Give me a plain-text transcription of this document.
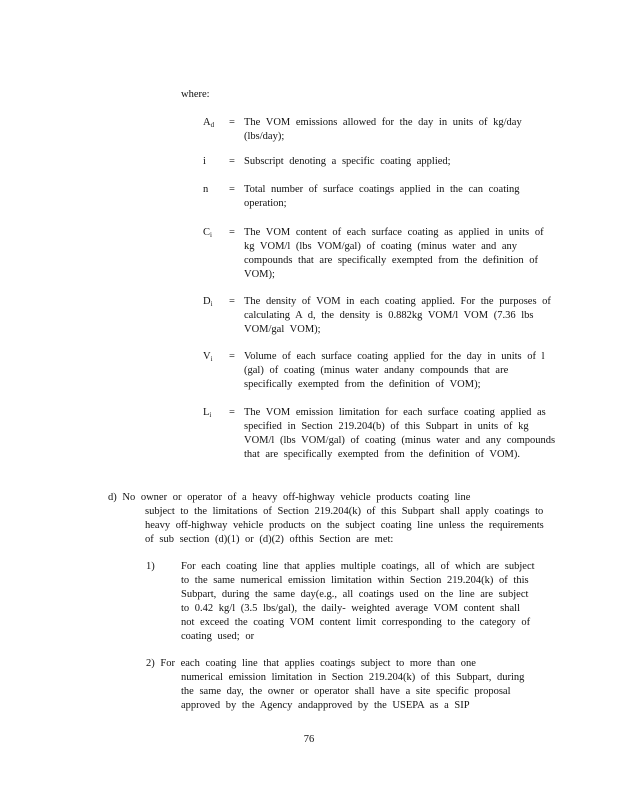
where:
$A_d$	= The VOM emissions allowed for the day in units of kg/day (lbs/day);
i	= Subscript denoting a specific coating applied;
n	= Total number of surface coatings applied in the can coating operation;
$C_i$	= The VOM content of each surface coating as applied in units of kg VOM/l (lbs VOM/gal) of coating (minus water and any compounds that are specifically exempted from the definition of VOM);
$D_i$	= The density of VOM in each coating applied. For the purposes of calculating A d, the density is 0.882kg VOM/l VOM (7.36 lbs VOM/gal VOM);
$V_i$	= Volume of each surface coating applied for the day in units of l (gal) of coating (minus water andany compounds that are specifically exempted from the definition of VOM);
$L_i$	= The VOM emission limitation for each surface coating applied as specified in Section 219.204(b) of this Subpart in units of kg VOM/l (lbs VOM/gal) of coating (minus water and any compounds that are specifically exempted from the definition of VOM).
d) No owner or operator of a heavy off-highway vehicle products coating line
subject to the limitations of Section 219.204(k) of this Subpart shall apply coatings to heavy off-highway vehicle products on the subject coating line unless the requirements of sub section (d)(1) or (d)(2) ofthis Section are met:
1)	For each coating line that applies multiple coatings, all of which are subject to the same numerical emission limitation within Section 219.204(k) of this Subpart, during the same day(e.g., all coatings used on the line are subject to 0.42 kg/l (3.5 lbs/gal), the daily- weighted average VOM content shall not exceed the coating VOM content limit corresponding to the category of coating used; or
2) For each coating line that applies coatings subject to more than one
numerical emission limitation in Section 219.204(k) of this Subpart, during the same day, the owner or operator shall have a site specific proposal approved by the Agency andapproved by the USEPA as a SIP
76
